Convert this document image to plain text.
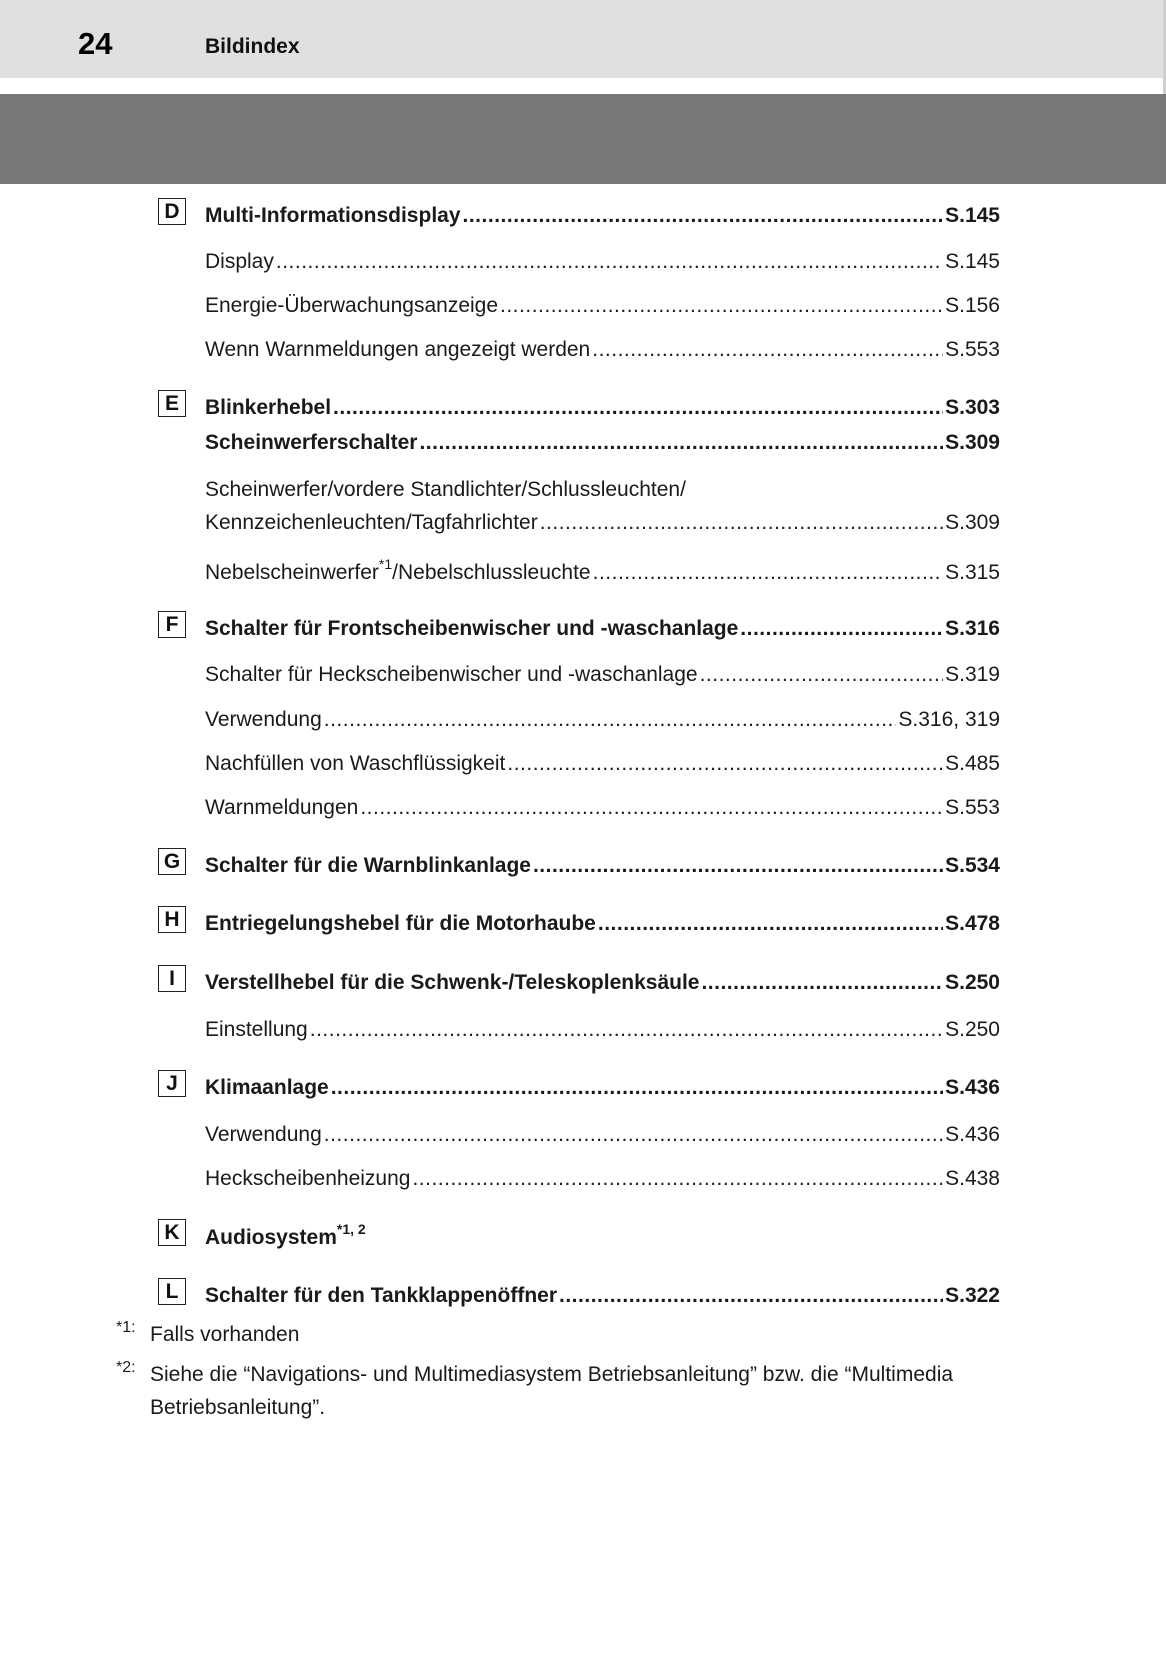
24	Bildindex
D	Multi-Informationsdisplay .....	S.145
Display .....	S.145
Energie-Überwachungsanzeige .....	S.156
Wenn Warnmeldungen angezeigt werden .....	S.553
E	Blinkerhebel .....	S.303
Scheinwerferschalter .....	S.309
Scheinwerfer/vordere Standlichter/Schlussleuchten/
Kennzeichenleuchten/Tagfahrlichter .....	S.309
Nebelscheinwerfer$^{*1}$/Nebelschlussleuchte .....	S.315
F	Schalter für Frontscheibenwischer und -waschanlage .....	S.316
Schalter für Heckscheibenwischer und -waschanlage .....	S.319
Verwendung .....	S.316, 319
Nachfüllen von Waschflüssigkeit .....	S.485
Warnmeldungen .....	S.553
G Schalter für die Warnblinkanlage .....	S.534
H	Entriegelungshebel für die Motorhaube .....	S.478
I	Verstellhebel für die Schwenk-/Teleskoplenksäule .....	S.250
Einstellung .....	S.250
J	Klimaanlage .....	S.436
Verwendung .....	S.436
Heckscheibenheizung .....	S.438
K	Audiosystem$^{*1, 2}$
L	Schalter für den Tankklappenöffner .....	S.322
*1: Falls vorhanden
*2: Siehe die “Navigations- und Multimediasystem Betriebsanleitung” bzw. die “Multimedia Betriebsanleitung”.
